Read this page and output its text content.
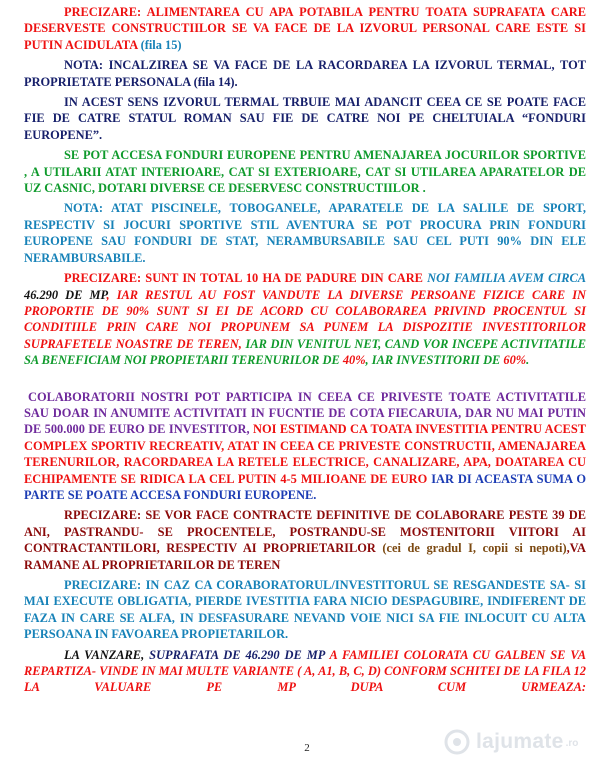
PRECIZARE: ALIMENTAREA CU APA POTABILA PENTRU TOATA SUPRAFATA CARE DESERVESTE CONSTRUCTIILOR SE VA FACE DE LA IZVORUL PERSONAL CARE ESTE SI PUTIN ACIDULATA (fila 15)

NOTA: INCALZIREA SE VA FACE DE LA RACORDAREA LA IZVORUL TERMAL, TOT PROPRIETATE PERSONALA (fila 14).

IN ACEST SENS IZVORUL TERMAL TRBUIE MAI ADANCIT CEEA CE SE POATE FACE FIE DE CATRE STATUL ROMAN SAU FIE DE CATRE NOI PE CHELTUIALA “FONDURI EUROPENE”.

SE POT ACCESA FONDURI EUROPENE PENTRU AMENAJAREA JOCURILOR SPORTIVE , A UTILARII ATAT INTERIOARE, CAT SI EXTERIOARE, CAT SI UTILAREA APARATELOR DE UZ CASNIC, DOTARI DIVERSE CE DESERVESC CONSTRUCTIILOR .

NOTA: ATAT PISCINELE, TOBOGANELE, APARATELE DE LA SALILE DE SPORT, RESPECTIV SI JOCURI SPORTIVE STIL AVENTURA SE POT PROCURA PRIN FONDURI EUROPENE SAU FONDURI DE STAT, NERAMBURSABILE SAU CEL PUTI 90% DIN ELE NERAMBURSABILE.

PRECIZARE: SUNT IN TOTAL 10 HA DE PADURE DIN CARE NOI FAMILIA AVEM CIRCA 46.290 DE MP, IAR RESTUL AU FOST VANDUTE LA DIVERSE PERSOANE FIZICE CARE IN PROPORTIE DE 90% SUNT SI EI DE ACORD CU COLABORAREA PRIVIND PROCENTUL SI CONDITIILE PRIN CARE NOI PROPUNEM SA PUNEM LA DISPOZITIE INVESTITORILOR SUPRAFETELE NOASTRE DE TEREN, IAR DIN VENITUL NET, CAND VOR INCEPE ACTIVITATILE SA BENEFICIAM NOI PROPIETARII TERENURILOR DE 40%, IAR INVESTITORII DE 60%.

COLABORATORII NOSTRI POT PARTICIPA IN CEEA CE PRIVESTE TOATE ACTIVITATILE SAU DOAR IN ANUMITE ACTIVITATI IN FUCNTIE DE COTA FIECARUIA, DAR NU MAI PUTIN DE 500.000 DE EURO DE INVESTITOR, NOI ESTIMAND CA TOATA INVESTITIA PENTRU ACEST COMPLEX SPORTIV RECREATIV, ATAT IN CEEA CE PRIVESTE CONSTRUCTII, AMENAJAREA TERENURILOR, RACORDAREA LA RETELE ELECTRICE, CANALIZARE, APA, DOATAREA CU ECHIPAMENTE SE RIDICA LA CEL PUTIN 4-5 MILIOANE DE EURO IAR DI ACEASTA SUMA O PARTE SE POATE ACCESA FONDURI EUROPENE.

RPECIZARE: SE VOR FACE CONTRACTE DEFINITIVE DE COLABORARE PESTE 39 DE ANI, PASTRANDU- SE PROCENTELE, POSTRANDU-SE MOSTENITORII VIITORI AI CONTRACTANTILORI, RESPECTIV AI PROPRIETARILOR (cei de gradul I, copii si nepoti),VA RAMANE AL PROPRIETARILOR DE TEREN

PRECIZARE: IN CAZ CA CORABORATORUL/INVESTITORUL SE RESGANDESTE SA- SI MAI EXECUTE OBLIGATIA, PIERDE IVESTITIA FARA NICIO DESPAGUBIRE, INDIFERENT DE FAZA IN CARE SE ALFA, IN DESFASURARE NEVAND VOIE NICI SA FIE INLOCUIT CU ALTA PERSOANA IN FAVOAREA PROPIETARILOR.

LA VANZARE, SUPRAFATA DE 46.290 DE MP A FAMILIEI COLORATA CU GALBEN SE VA REPARTIZA- VINDE IN MAI MULTE VARIANTE ( A, A1, B, C, D) CONFORM SCHITEI DE LA FILA 12 LA VALUARE PE MP DUPA CUM URMEAZA:

2	lajumate .ro
